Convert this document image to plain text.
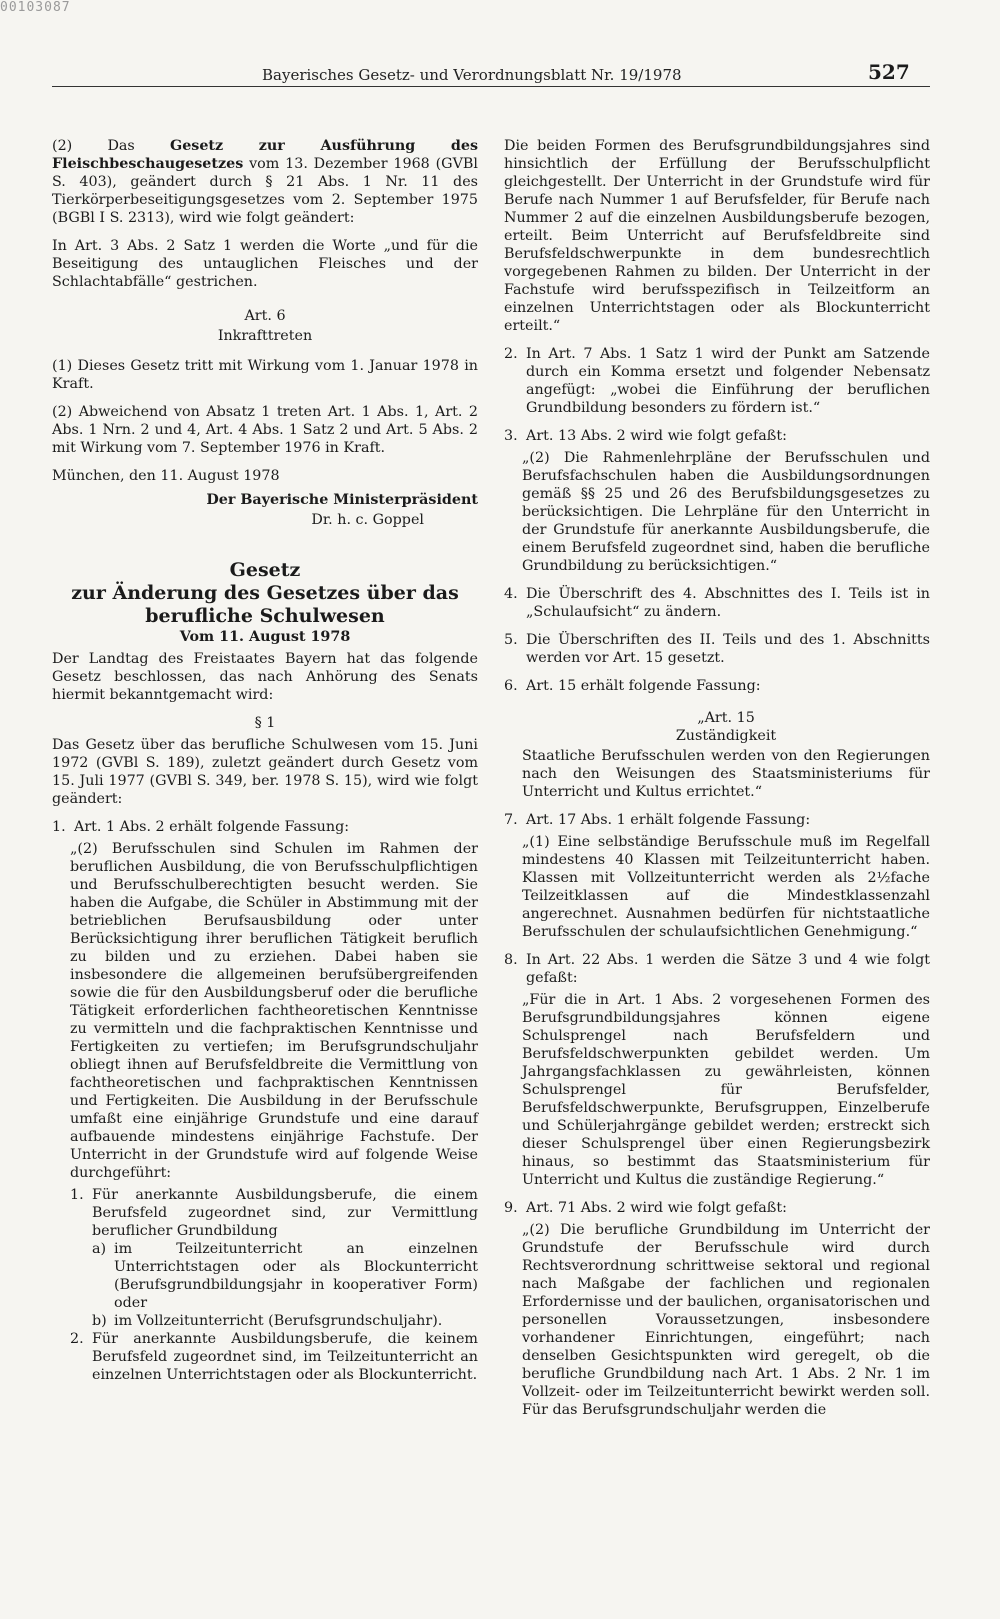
00103087
Bayerisches Gesetz- und Verordnungsblatt Nr. 19/1978	527

(2) Das Gesetz zur Ausführung des Fleischbeschaugesetzes vom 13. Dezember 1968 (GVBl S. 403), geändert durch § 21 Abs. 1 Nr. 11 des Tierkörperbeseitigungsgesetzes vom 2. September 1975 (BGBl I S. 2313), wird wie folgt geändert:

In Art. 3 Abs. 2 Satz 1 werden die Worte „und für die Beseitigung des untauglichen Fleisches und der Schlachtabfälle“ gestrichen.

Art. 6

Inkrafttreten

(1) Dieses Gesetz tritt mit Wirkung vom 1. Januar 1978 in Kraft.

(2) Abweichend von Absatz 1 treten Art. 1 Abs. 1, Art. 2 Abs. 1 Nrn. 2 und 4, Art. 4 Abs. 1 Satz 2 und Art. 5 Abs. 2 mit Wirkung vom 7. September 1976 in Kraft.

München, den 11. August 1978

Der Bayerische Ministerpräsident

Dr. h. c. Goppel

Gesetz

zur Änderung des Gesetzes über das

berufliche Schulwesen

Vom 11. August 1978

Der Landtag des Freistaates Bayern hat das folgende Gesetz beschlossen, das nach Anhörung des Senats hiermit bekanntgemacht wird:

§ 1

Das Gesetz über das berufliche Schulwesen vom 15. Juni 1972 (GVBl S. 189), zuletzt geändert durch Gesetz vom 15. Juli 1977 (GVBl S. 349, ber. 1978 S. 15), wird wie folgt geändert:

1. Art. 1 Abs. 2 erhält folgende Fassung:

„(2) Berufsschulen sind Schulen im Rahmen der beruflichen Ausbildung, die von Berufsschulpflichtigen und Berufsschulberechtigten besucht werden. Sie haben die Aufgabe, die Schüler in Abstimmung mit der betrieblichen Berufsausbildung oder unter Berücksichtigung ihrer beruflichen Tätigkeit beruflich zu bilden und zu erziehen. Dabei haben sie insbesondere die allgemeinen berufsübergreifenden sowie die für den Ausbildungsberuf oder die berufliche Tätigkeit erforderlichen fachtheoretischen Kenntnisse zu vermitteln und die fachpraktischen Kenntnisse und Fertigkeiten zu vertiefen; im Berufsgrundschuljahr obliegt ihnen auf Berufsfeldbreite die Vermittlung von fachtheoretischen und fachpraktischen Kenntnissen und Fertigkeiten. Die Ausbildung in der Berufsschule umfaßt eine einjährige Grundstufe und eine darauf aufbauende mindestens einjährige Fachstufe. Der Unterricht in der Grundstufe wird auf folgende Weise durchgeführt:

1. Für anerkannte Ausbildungsberufe, die einem Berufsfeld zugeordnet sind, zur Vermittlung beruflicher Grundbildung
a) im Teilzeitunterricht an einzelnen Unterrichtstagen oder als Blockunterricht (Berufsgrundbildungsjahr in kooperativer Form) oder
b) im Vollzeitunterricht (Berufsgrundschuljahr).
2. Für anerkannte Ausbildungsberufe, die keinem Berufsfeld zugeordnet sind, im Teilzeitunterricht an einzelnen Unterrichtstagen oder als Blockunterricht.

Die beiden Formen des Berufsgrundbildungsjahres sind hinsichtlich der Erfüllung der Berufsschulpflicht gleichgestellt. Der Unterricht in der Grundstufe wird für Berufe nach Nummer 1 auf Berufsfelder, für Berufe nach Nummer 2 auf die einzelnen Ausbildungsberufe bezogen, erteilt. Beim Unterricht auf Berufsfeldbreite sind Berufsfeldschwerpunkte in dem bundesrechtlich vorgegebenen Rahmen zu bilden. Der Unterricht in der Fachstufe wird berufsspezifisch in Teilzeitform an einzelnen Unterrichtstagen oder als Blockunterricht erteilt.“

2. In Art. 7 Abs. 1 Satz 1 wird der Punkt am Satzende durch ein Komma ersetzt und folgender Nebensatz angefügt: „wobei die Einführung der beruflichen Grundbildung besonders zu fördern ist.“
3. Art. 13 Abs. 2 wird wie folgt gefaßt:

„(2) Die Rahmenlehrpläne der Berufsschulen und Berufsfachschulen haben die Ausbildungsordnungen gemäß §§ 25 und 26 des Berufsbildungsgesetzes zu berücksichtigen. Die Lehrpläne für den Unterricht in der Grundstufe für anerkannte Ausbildungsberufe, die einem Berufsfeld zugeordnet sind, haben die berufliche Grundbildung zu berücksichtigen.“

4. Die Überschrift des 4. Abschnittes des I. Teils ist in „Schulaufsicht“ zu ändern.
5. Die Überschriften des II. Teils und des 1. Abschnitts werden vor Art. 15 gesetzt.
6. Art. 15 erhält folgende Fassung:

„Art. 15

Zuständigkeit

Staatliche Berufsschulen werden von den Regierungen nach den Weisungen des Staatsministeriums für Unterricht und Kultus errichtet.“

7. Art. 17 Abs. 1 erhält folgende Fassung:

„(1) Eine selbständige Berufsschule muß im Regelfall mindestens 40 Klassen mit Teilzeitunterricht haben. Klassen mit Vollzeitunterricht werden als 2½fache Teilzeitklassen auf die Mindestklassenzahl angerechnet. Ausnahmen bedürfen für nichtstaatliche Berufsschulen der schulaufsichtlichen Genehmigung.“

8. In Art. 22 Abs. 1 werden die Sätze 3 und 4 wie folgt gefaßt:

„Für die in Art. 1 Abs. 2 vorgesehenen Formen des Berufsgrundbildungsjahres können eigene Schulsprengel nach Berufsfeldern und Berufsfeldschwerpunkten gebildet werden. Um Jahrgangsfachklassen zu gewährleisten, können Schulsprengel für Berufsfelder, Berufsfeldschwerpunkte, Berufsgruppen, Einzelberufe und Schülerjahrgänge gebildet werden; erstreckt sich dieser Schulsprengel über einen Regierungsbezirk hinaus, so bestimmt das Staatsministerium für Unterricht und Kultus die zuständige Regierung.“

9. Art. 71 Abs. 2 wird wie folgt gefaßt:

„(2) Die berufliche Grundbildung im Unterricht der Grundstufe der Berufsschule wird durch Rechtsverordnung schrittweise sektoral und regional nach Maßgabe der fachlichen und regionalen Erfordernisse und der baulichen, organisatorischen und personellen Voraussetzungen, insbesondere vorhandener Einrichtungen, eingeführt; nach denselben Gesichtspunkten wird geregelt, ob die berufliche Grundbildung nach Art. 1 Abs. 2 Nr. 1 im Vollzeit- oder im Teilzeitunterricht bewirkt werden soll. Für das Berufsgrundschuljahr werden die
